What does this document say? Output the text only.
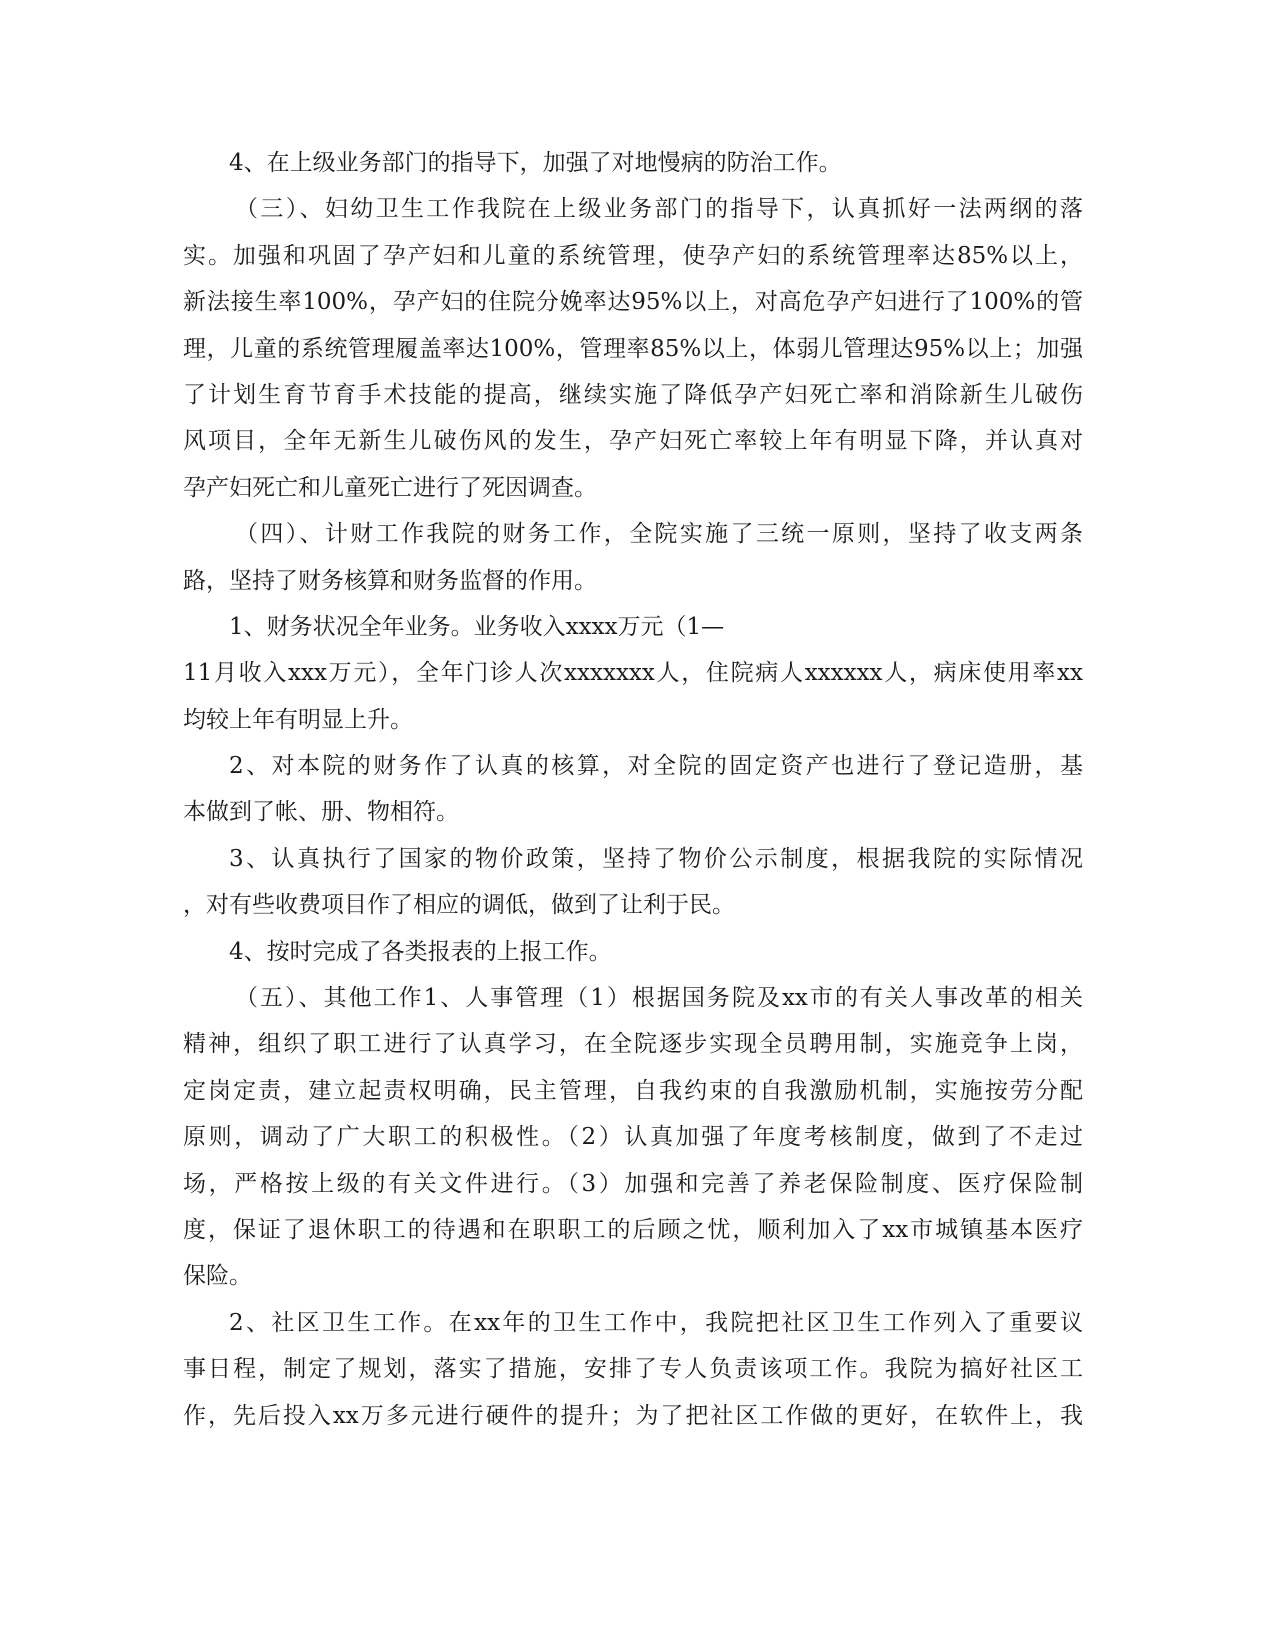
4、在上级业务部门的指导下，加强了对地慢病的防治工作。
（三）、妇幼卫生工作我院在上级业务部门的指导下，认真抓好一法两纲的落
实。加强和巩固了孕产妇和儿童的系统管理，使孕产妇的系统管理率达85%以上，
新法接生率100%，孕产妇的住院分娩率达95%以上，对高危孕产妇进行了100%的管
理，儿童的系统管理履盖率达100%，管理率85%以上，体弱儿管理达95%以上；加强
了计划生育节育手术技能的提高，继续实施了降低孕产妇死亡率和消除新生儿破伤
风项目，全年无新生儿破伤风的发生，孕产妇死亡率较上年有明显下降，并认真对
孕产妇死亡和儿童死亡进行了死因调查。
（四）、计财工作我院的财务工作，全院实施了三统一原则，坚持了收支两条
路，坚持了财务核算和财务监督的作用。
1、财务状况全年业务。业务收入xxxx万元（1—
11月收入xxx万元），全年门诊人次xxxxxxx人，住院病人xxxxxx人，病床使用率xx
均较上年有明显上升。
2、对本院的财务作了认真的核算，对全院的固定资产也进行了登记造册，基
本做到了帐、册、物相符。
3、认真执行了国家的物价政策，坚持了物价公示制度，根据我院的实际情况
，对有些收费项目作了相应的调低，做到了让利于民。
4、按时完成了各类报表的上报工作。
（五）、其他工作1、人事管理（1）根据国务院及xx市的有关人事改革的相关
精神，组织了职工进行了认真学习，在全院逐步实现全员聘用制，实施竞争上岗，
定岗定责，建立起责权明确，民主管理，自我约束的自我激励机制，实施按劳分配
原则，调动了广大职工的积极性。（2）认真加强了年度考核制度，做到了不走过
场，严格按上级的有关文件进行。（3）加强和完善了养老保险制度、医疗保险制
度，保证了退休职工的待遇和在职职工的后顾之忧，顺利加入了xx市城镇基本医疗
保险。
2、社区卫生工作。在xx年的卫生工作中，我院把社区卫生工作列入了重要议
事日程，制定了规划，落实了措施，安排了专人负责该项工作。我院为搞好社区工
作，先后投入xx万多元进行硬件的提升；为了把社区工作做的更好，在软件上，我
